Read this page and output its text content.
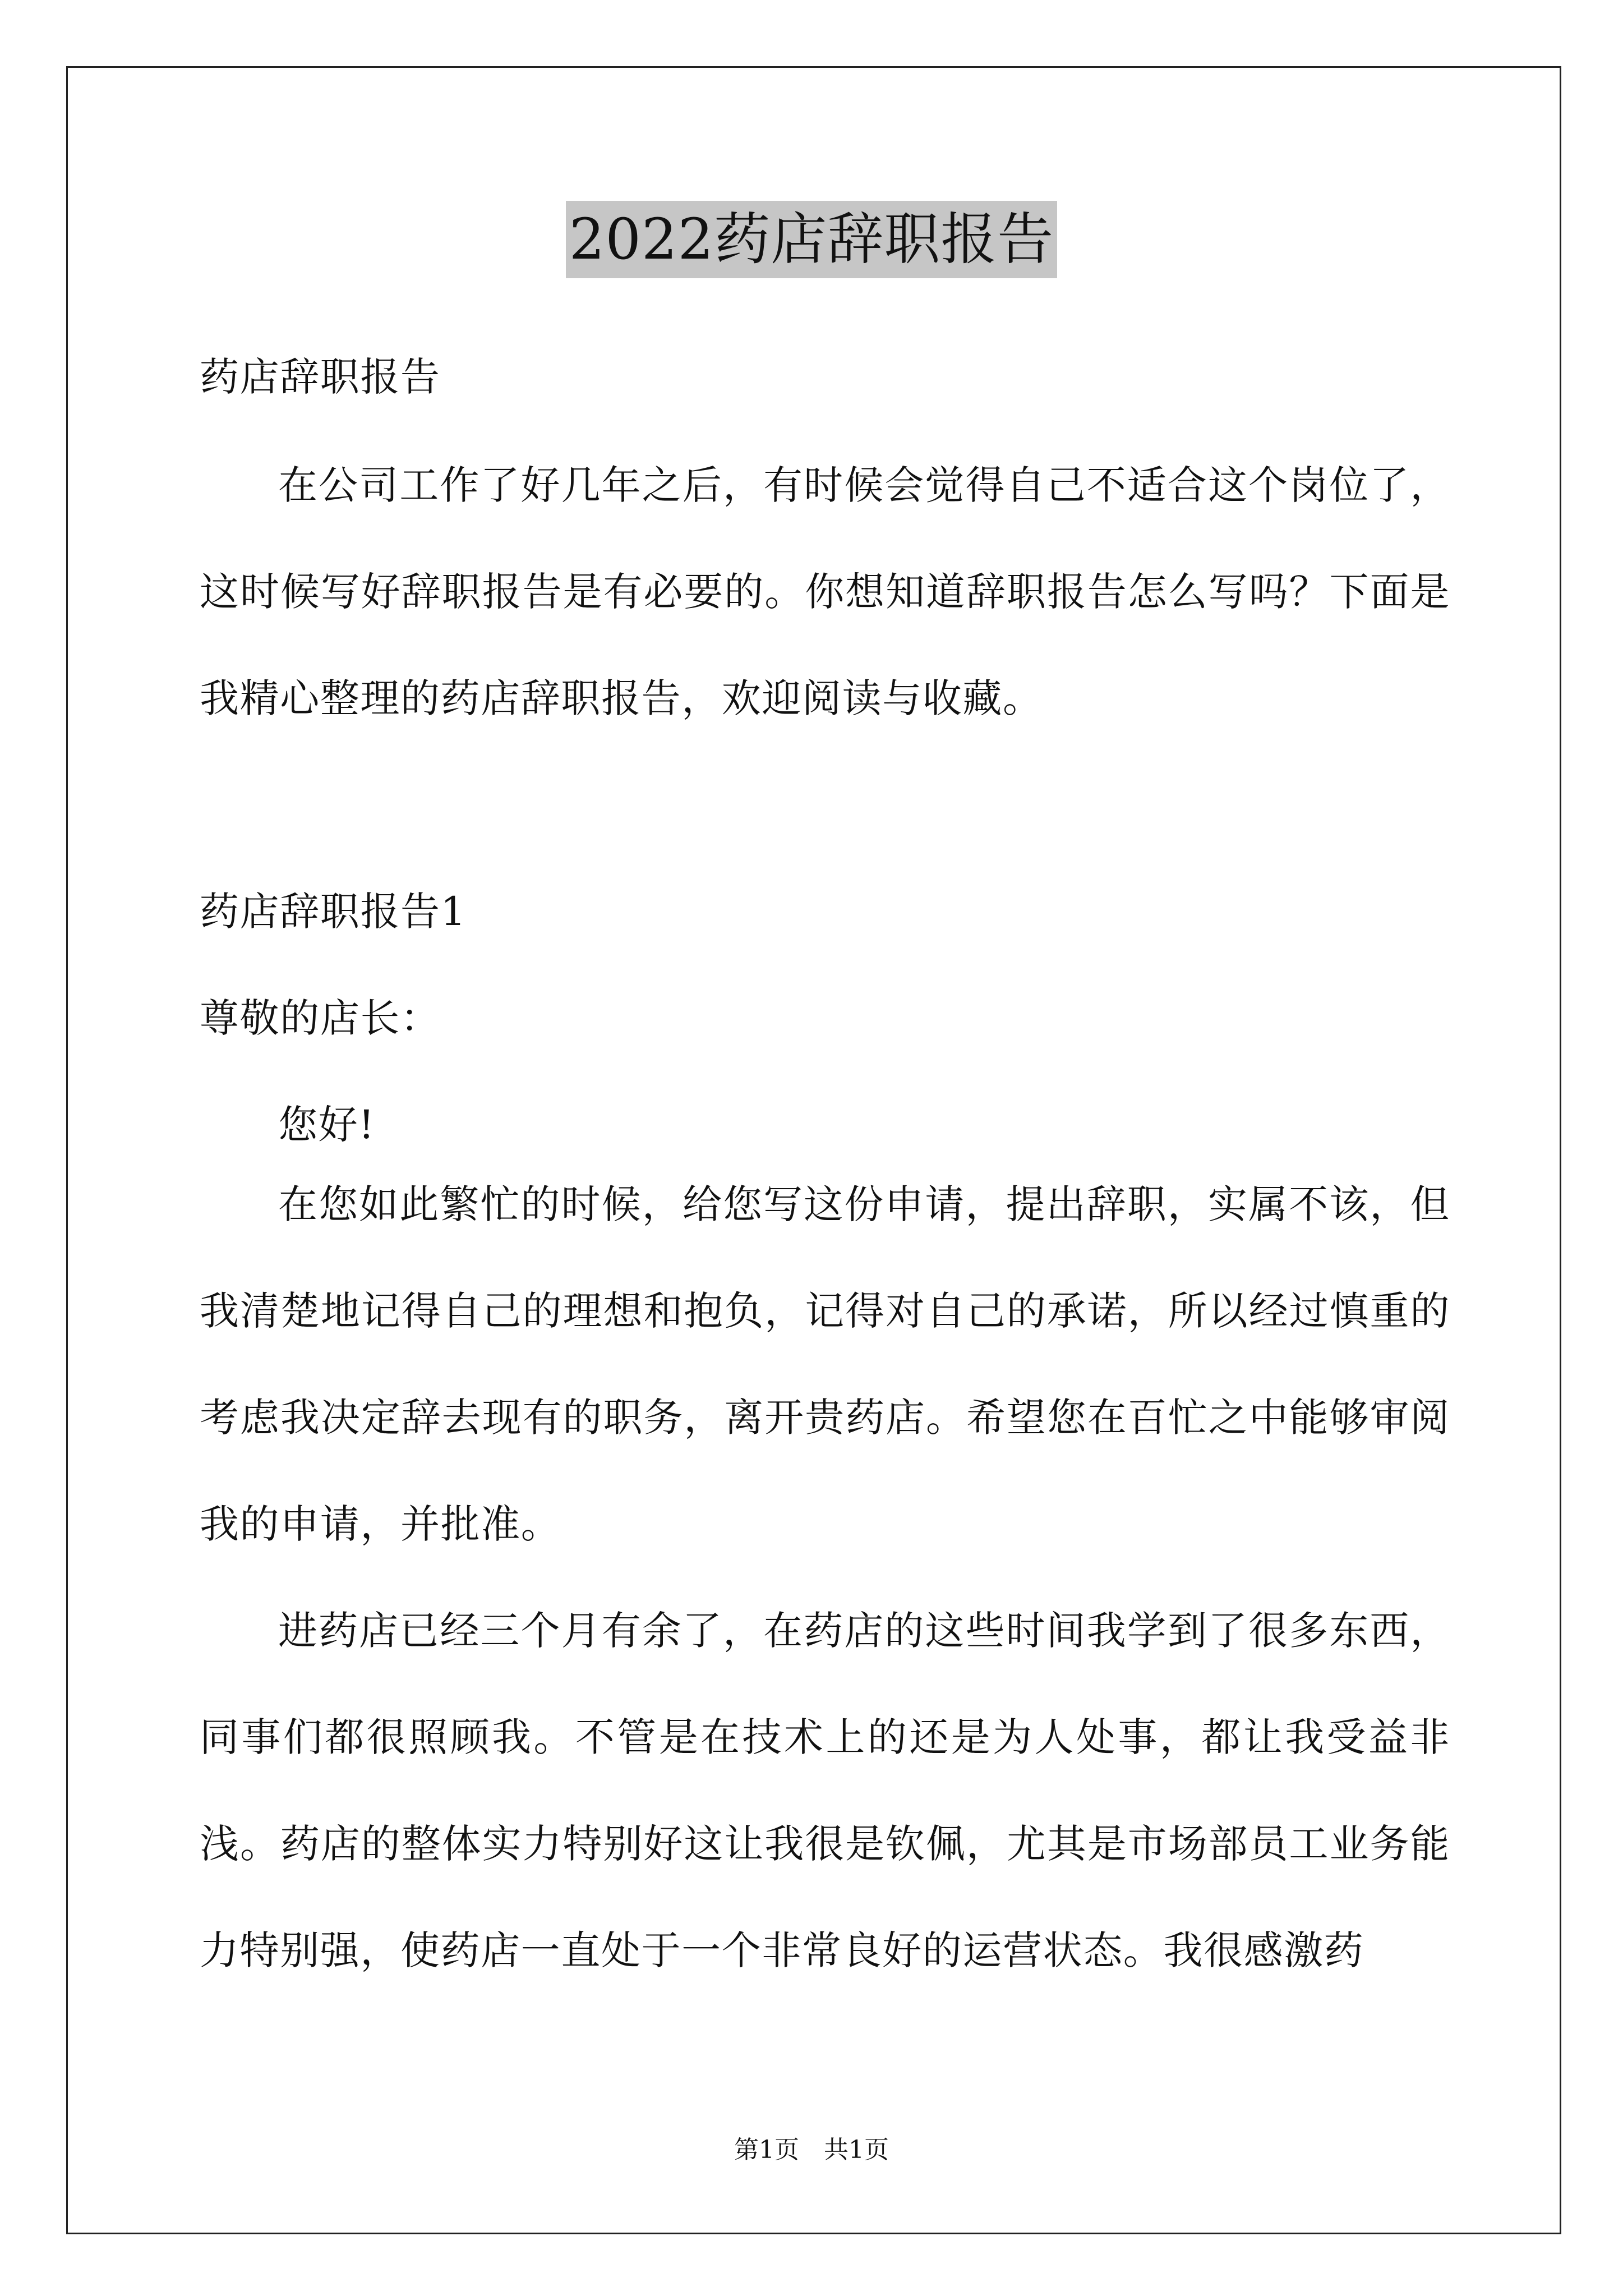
2022药店辞职报告
药店辞职报告

在公司工作了好几年之后，有时候会觉得自己不适合这个岗位了，这时候写好辞职报告是有必要的。你想知道辞职报告怎么写吗？下面是我精心整理的药店辞职报告，欢迎阅读与收藏。

药店辞职报告1
尊敬的店长：
您好!

在您如此繁忙的时候，给您写这份申请，提出辞职，实属不该，但我清楚地记得自己的理想和抱负，记得对自己的承诺，所以经过慎重的考虑我决定辞去现有的职务，离开贵药店。希望您在百忙之中能够审阅我的申请，并批准。

进药店已经三个月有余了，在药店的这些时间我学到了很多东西，同事们都很照顾我。不管是在技术上的还是为人处事，都让我受益非浅。药店的整体实力特别好这让我很是钦佩，尤其是市场部员工业务能力特别强，使药店一直处于一个非常良好的运营状态。我很感激药

第1页　共1页
